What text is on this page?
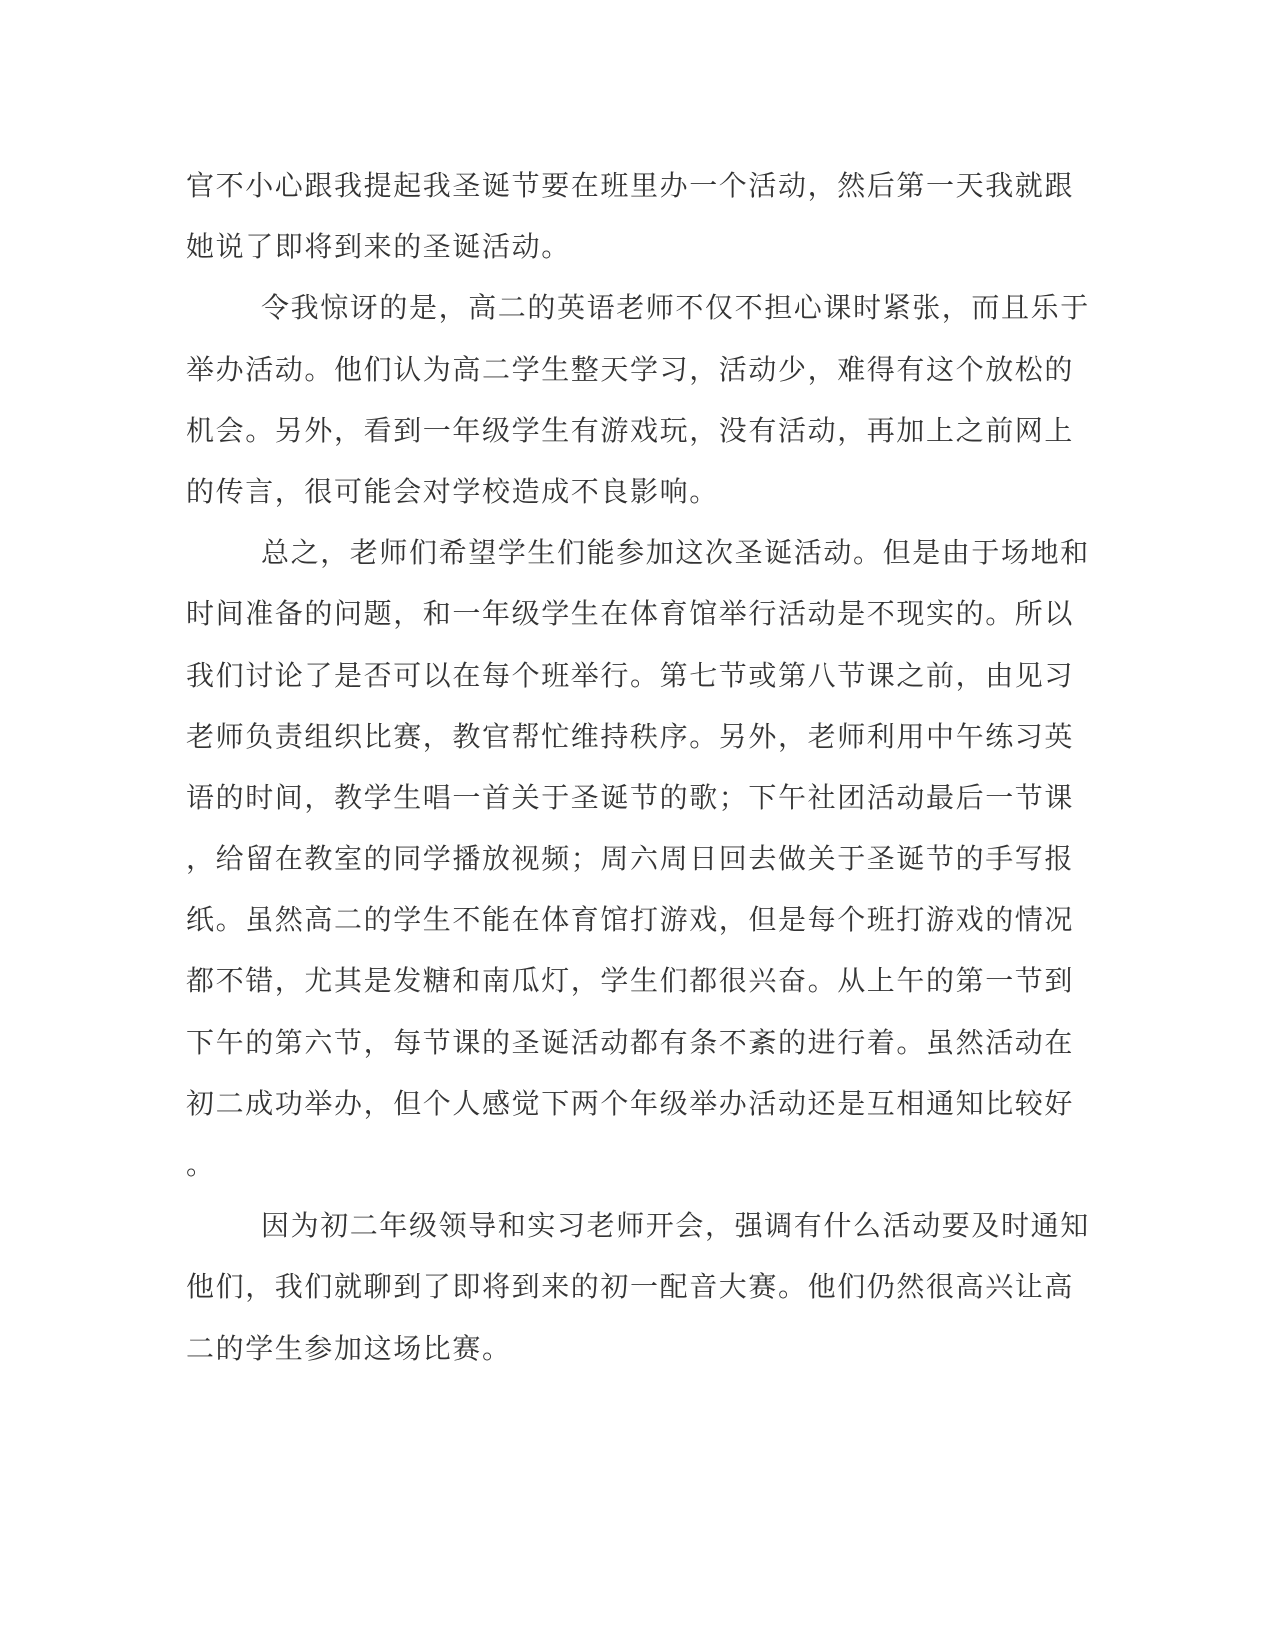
官不小心跟我提起我圣诞节要在班里办一个活动，然后第一天我就跟
她说了即将到来的圣诞活动。
令我惊讶的是，高二的英语老师不仅不担心课时紧张，而且乐于
举办活动。他们认为高二学生整天学习，活动少，难得有这个放松的
机会。另外，看到一年级学生有游戏玩，没有活动，再加上之前网上
的传言，很可能会对学校造成不良影响。
总之，老师们希望学生们能参加这次圣诞活动。但是由于场地和
时间准备的问题，和一年级学生在体育馆举行活动是不现实的。所以
我们讨论了是否可以在每个班举行。第七节或第八节课之前，由见习
老师负责组织比赛，教官帮忙维持秩序。另外，老师利用中午练习英
语的时间，教学生唱一首关于圣诞节的歌；下午社团活动最后一节课
，给留在教室的同学播放视频；周六周日回去做关于圣诞节的手写报
纸。虽然高二的学生不能在体育馆打游戏，但是每个班打游戏的情况
都不错，尤其是发糖和南瓜灯，学生们都很兴奋。从上午的第一节到
下午的第六节，每节课的圣诞活动都有条不紊的进行着。虽然活动在
初二成功举办，但个人感觉下两个年级举办活动还是互相通知比较好
。
因为初二年级领导和实习老师开会，强调有什么活动要及时通知
他们，我们就聊到了即将到来的初一配音大赛。他们仍然很高兴让高
二的学生参加这场比赛。
